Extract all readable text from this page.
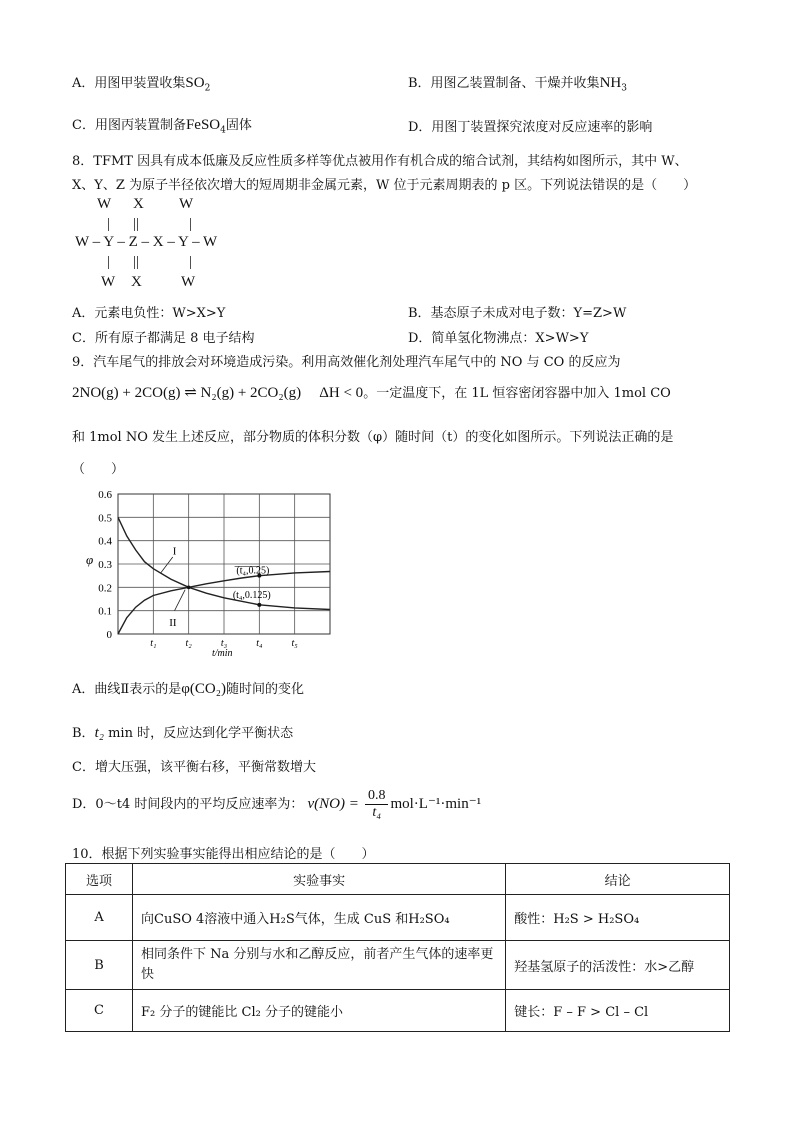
A．用图甲装置收集$SO_2$	B．用图乙装置制备、干燥并收集$NH_3$
C．用图丙装置制备FeSO$_4$固体	D．用图丁装置探究浓度对反应速率的影响
8．TFMT 因具有成本低廉及反应性质多样等优点被用作有机合成的缩合试剂，其结构如图所示，其中 W、
X、Y、Z 为原子半径依次增大的短周期非金属元素，W 位于元素周期表的 p 区。下列说法错误的是（　　）
W X W
| ||	|
W – Y – Z – X – Y – W
| ||	|
W X	W
A．元素电负性：W>X>Y	B．基态原子未成对电子数：Y=Z>W
C．所有原子都满足 8 电子结构	D．简单氢化物沸点：X>W>Y
9．汽车尾气的排放会对环境造成污染。利用高效催化剂处理汽车尾气中的 NO 与 CO 的反应为
2NO(g) + 2CO(g) ⇌ N₂(g) + 2CO₂(g) ΔH < 0。一定温度下，在 1L 恒容密闭容器中加入 1mol CO
和 1mol NO 发生上述反应，部分物质的体积分数（φ）随时间（t）的变化如图所示。下列说法正确的是
（　　）
φ
t/min
0
0.1
0.2
0.3
0.4
0.5
0.6
t₁	t₂	t₃	t₄	t₅
I
II
(t₄,0.25)
(t₄,0.125)
A．曲线Ⅱ表示的是φ(CO₂)随时间的变化
B．t₂ min 时，反应达到化学平衡状态
C．增大压强，该平衡右移，平衡常数增大
D．0～t4 时间段内的平均反应速率为： $v(NO) = \frac{0.8}{\text{t₄}} mol\cdot L^{-1}\cdot\min^{-1}$
10．根据下列实验事实能得出相应结论的是（　　）
选项	实验事实	结论
A	向CuSO 4溶液中通入H₂S气体，生成 CuS 和H₂SO₄	酸性：H₂S > H₂SO₄
B	相同条件下 Na 分别与水和乙醇反应，前者产生气体的速率更快	羟基氢原子的活泼性：水>乙醇
C	F₂ 分子的键能比 Cl₂ 分子的键能小	键长：F – F > Cl – Cl
